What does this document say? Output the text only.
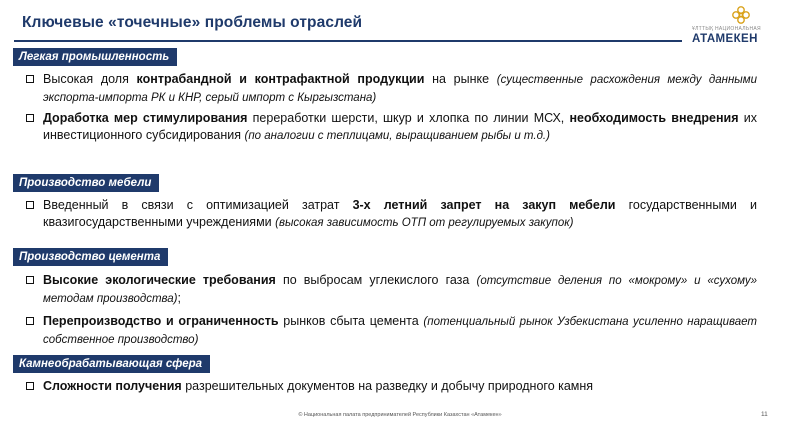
Ключевые «точечные» проблемы отраслей	ҰЛТТЫҚ НАЦИОНАЛЬНАЯ
АТАМЕКЕН
Легкая промышленность
Высокая доля контрабандной и контрафактной продукции на рынке (существенные расхождения между данными экспорта-импорта РК и КНР, серый импорт с Кыргызстана)
Доработка мер стимулирования переработки шерсти, шкур и хлопка по линии МСХ, необходимость внедрения их инвестиционного субсидирования (по аналогии с теплицами, выращиванием рыбы и т.д.)
Производство мебели
Введенный в связи с оптимизацией затрат 3-х летний запрет на закуп мебели государственными и квазигосударственными учреждениями (высокая зависимость ОТП от регулируемых закупок)
Производство цемента
Высокие экологические требования по выбросам углекислого газа (отсутствие деления по «мокрому» и «сухому» методам производства);
Перепроизводство и ограниченность рынков сбыта цемента (потенциальный рынок Узбекистана усиленно наращивает собственное производство)
Камнеобрабатывающая сфера
Сложности получения разрешительных документов на разведку и добычу природного камня
© Национальная палата предпринимателей Республики Казахстан «Атамекен»	11
